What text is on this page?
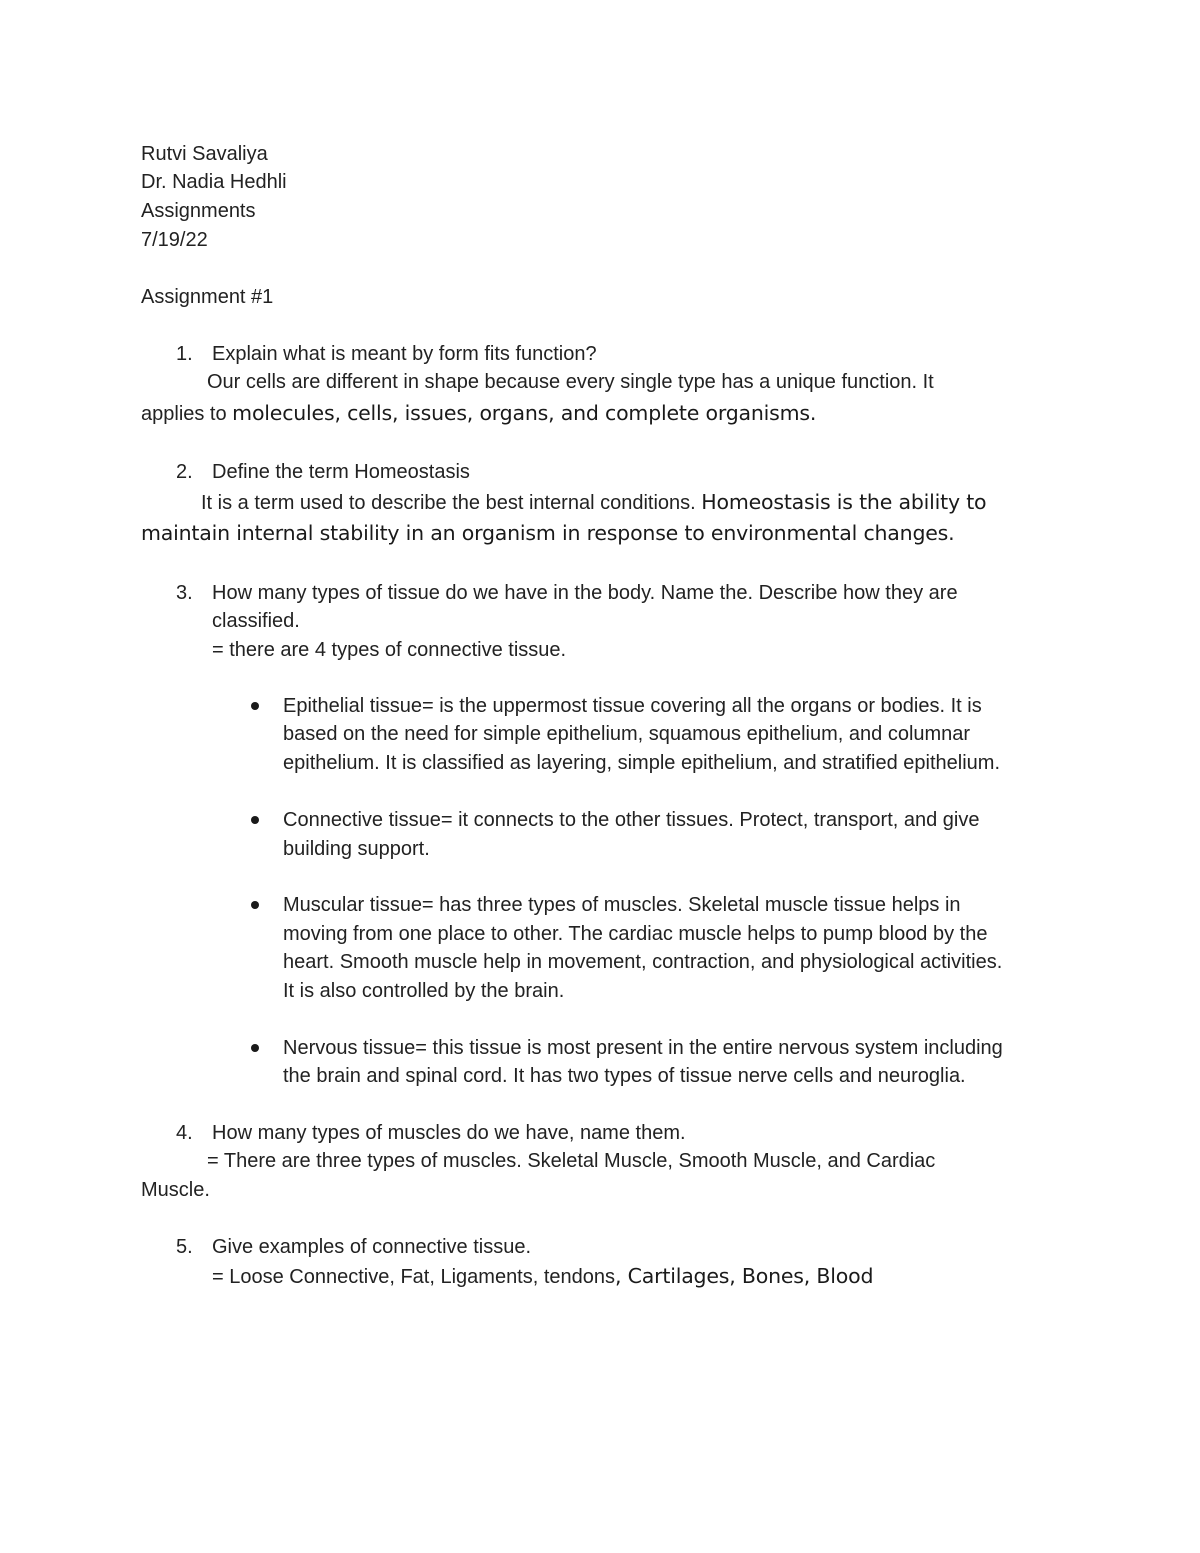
Rutvi Savaliya
Dr. Nadia Hedhli
Assignments
7/19/22
Assignment #1
1. Explain what is meant by form fits function?
Our cells are different in shape because every single type has a unique function. It
applies to molecules, cells, issues, organs, and complete organisms.
2. Define the term Homeostasis
It is a term used to describe the best internal conditions. Homeostasis is the ability to
maintain internal stability in an organism in response to environmental changes.
3. How many types of tissue do we have in the body. Name the. Describe how they are
classified.
= there are 4 types of connective tissue.
Epithelial tissue= is the uppermost tissue covering all the organs or bodies. It is
based on the need for simple epithelium, squamous epithelium, and columnar
epithelium. It is classified as layering, simple epithelium, and stratified epithelium.
Connective tissue= it connects to the other tissues. Protect, transport, and give
building support.
Muscular tissue= has three types of muscles. Skeletal muscle tissue helps in
moving from one place to other. The cardiac muscle helps to pump blood by the
heart. Smooth muscle help in movement, contraction, and physiological activities.
It is also controlled by the brain.
Nervous tissue= this tissue is most present in the entire nervous system including
the brain and spinal cord. It has two types of tissue nerve cells and neuroglia.
4. How many types of muscles do we have, name them.
= There are three types of muscles. Skeletal Muscle, Smooth Muscle, and Cardiac
Muscle.
5. Give examples of connective tissue.
= Loose Connective, Fat, Ligaments, tendons, Cartilages, Bones, Blood
